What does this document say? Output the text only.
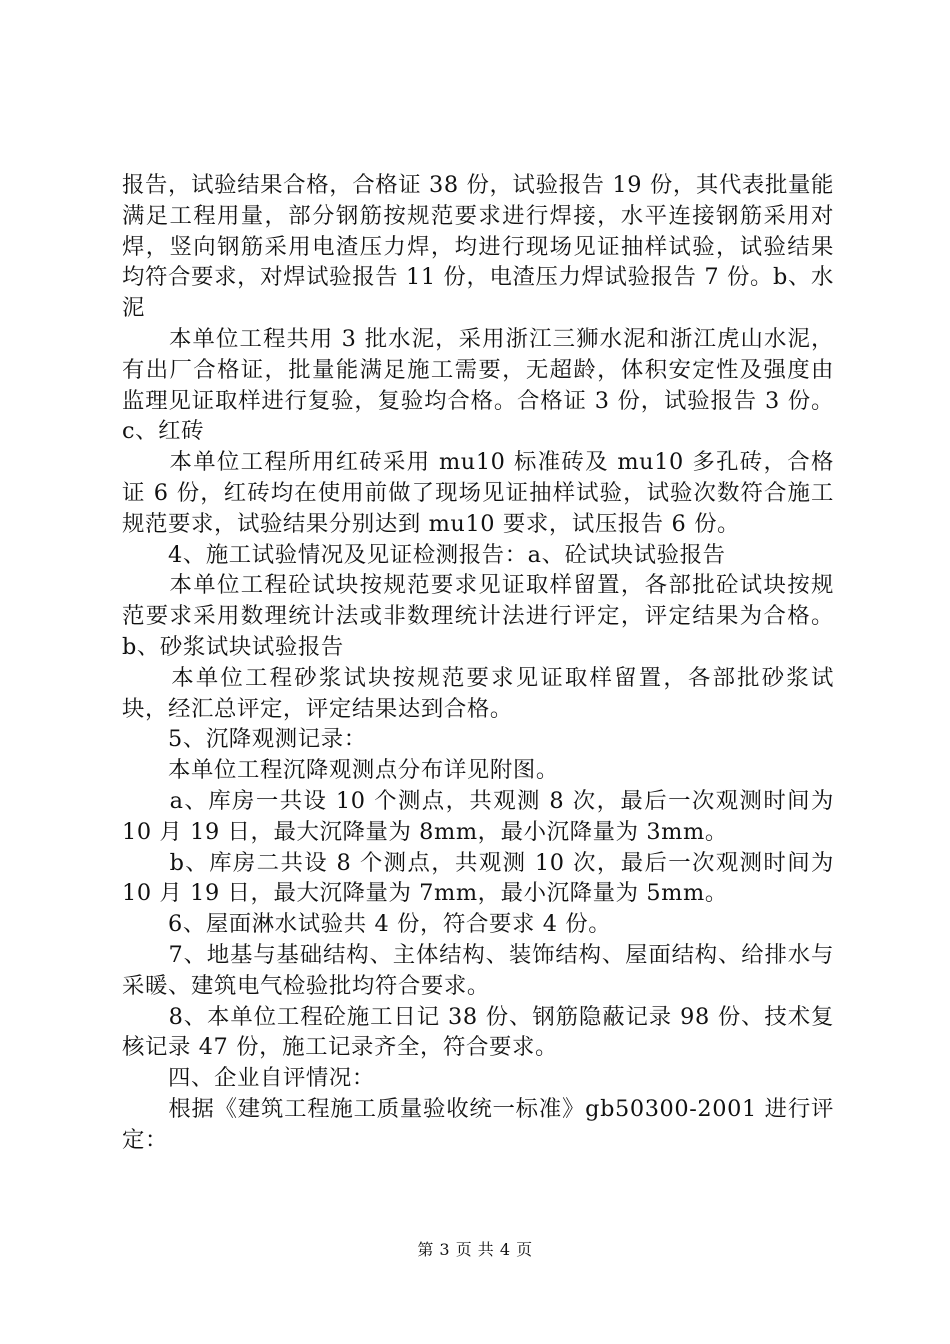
报告，试验结果合格，合格证 38 份，试验报告 19 份，其代表批量能满足工程用量，部分钢筋按规范要求进行焊接，水平连接钢筋采用对焊，竖向钢筋采用电渣压力焊，均进行现场见证抽样试验，试验结果均符合要求，对焊试验报告 11 份，电渣压力焊试验报告 7 份。b、水泥

　　本单位工程共用 3 批水泥，采用浙江三狮水泥和浙江虎山水泥，有出厂合格证，批量能满足施工需要，无超龄，体积安定性及强度由监理见证取样进行复验，复验均合格。合格证 3 份，试验报告 3 份。c、红砖

　　本单位工程所用红砖采用 mu10 标准砖及 mu10 多孔砖，合格证 6 份，红砖均在使用前做了现场见证抽样试验，试验次数符合施工规范要求，试验结果分别达到 mu10 要求，试压报告 6 份。

　　4、施工试验情况及见证检测报告：a、砼试块试验报告

　　本单位工程砼试块按规范要求见证取样留置，各部批砼试块按规范要求采用数理统计法或非数理统计法进行评定，评定结果为合格。b、砂浆试块试验报告

　　本单位工程砂浆试块按规范要求见证取样留置，各部批砂浆试块，经汇总评定，评定结果达到合格。

　　5、沉降观测记录：

　　本单位工程沉降观测点分布详见附图。

　　a、库房一共设 10 个测点，共观测 8 次，最后一次观测时间为 10 月 19 日，最大沉降量为 8mm，最小沉降量为 3mm。

　　b、库房二共设 8 个测点，共观测 10 次，最后一次观测时间为 10 月 19 日，最大沉降量为 7mm，最小沉降量为 5mm。

　　6、屋面淋水试验共 4 份，符合要求 4 份。

　　7、地基与基础结构、主体结构、装饰结构、屋面结构、给排水与采暖、建筑电气检验批均符合要求。

　　8、本单位工程砼施工日记 38 份、钢筋隐蔽记录 98 份、技术复核记录 47 份，施工记录齐全，符合要求。

　　四、企业自评情况：

　　根据《建筑工程施工质量验收统一标准》gb50300-2001 进行评定：

第 3 页 共 4 页
